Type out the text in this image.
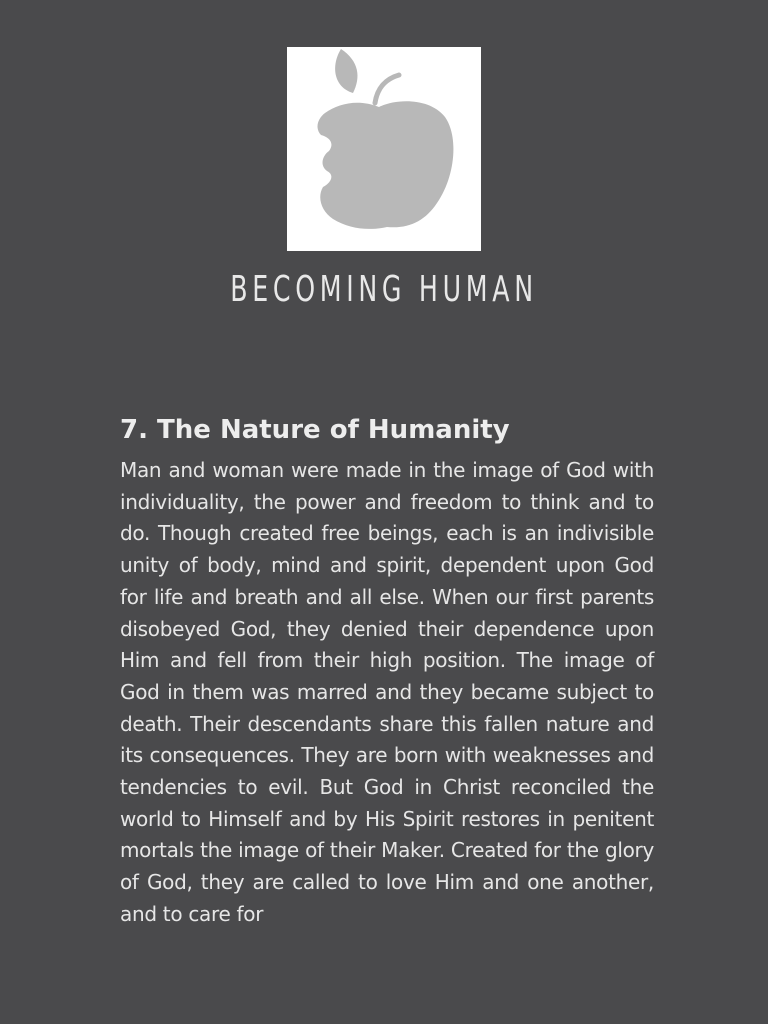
BECOMING HUMAN
7. The Nature of Humanity

Man and woman were made in the image of God with individuality, the power and freedom to think and to do. Though created free beings, each is an indivisible unity of body, mind and spirit, dependent upon God for life and breath and all else. When our first parents disobeyed God, they denied their dependence upon Him and fell from their high position. The image of God in them was marred and they became subject to death. Their descendants share this fallen nature and its consequences. They are born with weaknesses and tendencies to evil. But God in Christ reconciled the world to Himself and by His Spirit restores in penitent mortals the image of their Maker. Created for the glory of God, they are called to love Him and one another, and to care for
